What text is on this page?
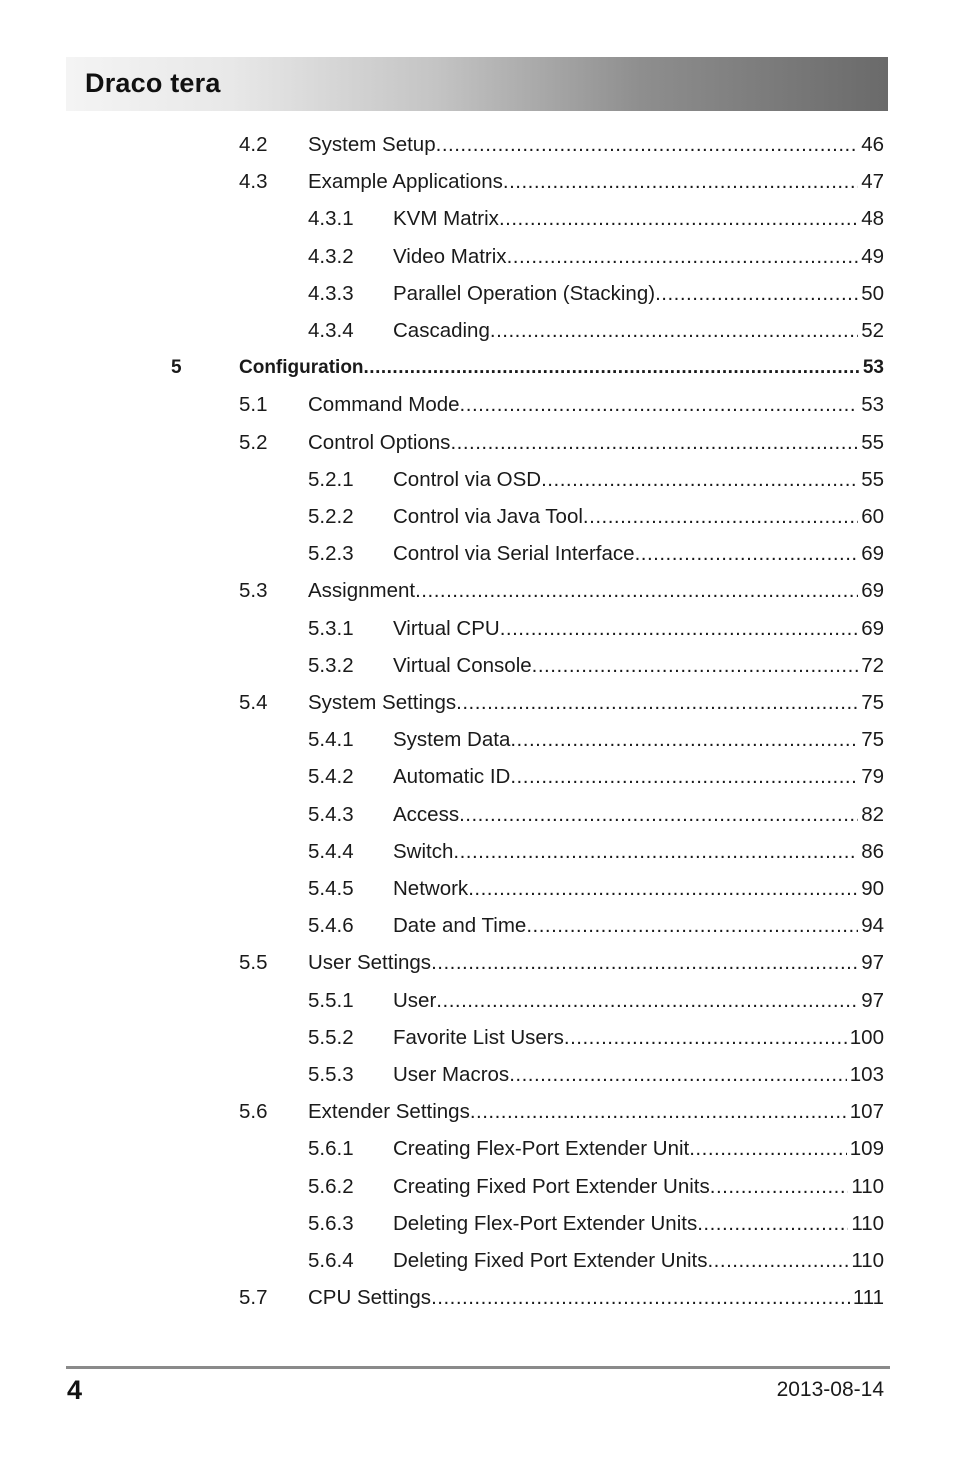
Draco tera
4.2 System Setup .....	46
4.3 Example Applications .....	47
4.3.1 KVM Matrix .....	48
4.3.2 Video Matrix .....	49
4.3.3 Parallel Operation (Stacking) .....	50
4.3.4 Cascading .....	52
5	Configuration .....	53
5.1 Command Mode .....	53
5.2 Control Options .....	55
5.2.1 Control via OSD .....	55
5.2.2 Control via Java Tool .....	60
5.2.3 Control via Serial Interface .....	69
5.3 Assignment .....	69
5.3.1 Virtual CPU .....	69
5.3.2 Virtual Console .....	72
5.4 System Settings .....	75
5.4.1 System Data .....	75
5.4.2 Automatic ID .....	79
5.4.3 Access .....	82
5.4.4 Switch .....	86
5.4.5 Network .....	90
5.4.6 Date and Time .....	94
5.5 User Settings .....	97
5.5.1 User .....	97
5.5.2 Favorite List Users .....	100
5.5.3 User Macros .....	103
5.6 Extender Settings .....	107
5.6.1 Creating Flex-Port Extender Unit .....	109
5.6.2 Creating Fixed Port Extender Units .....	110
5.6.3 Deleting Flex-Port Extender Units .....	110
5.6.4 Deleting Fixed Port Extender Units .....	110
5.7 CPU Settings .....	111
4	2013-08-14
